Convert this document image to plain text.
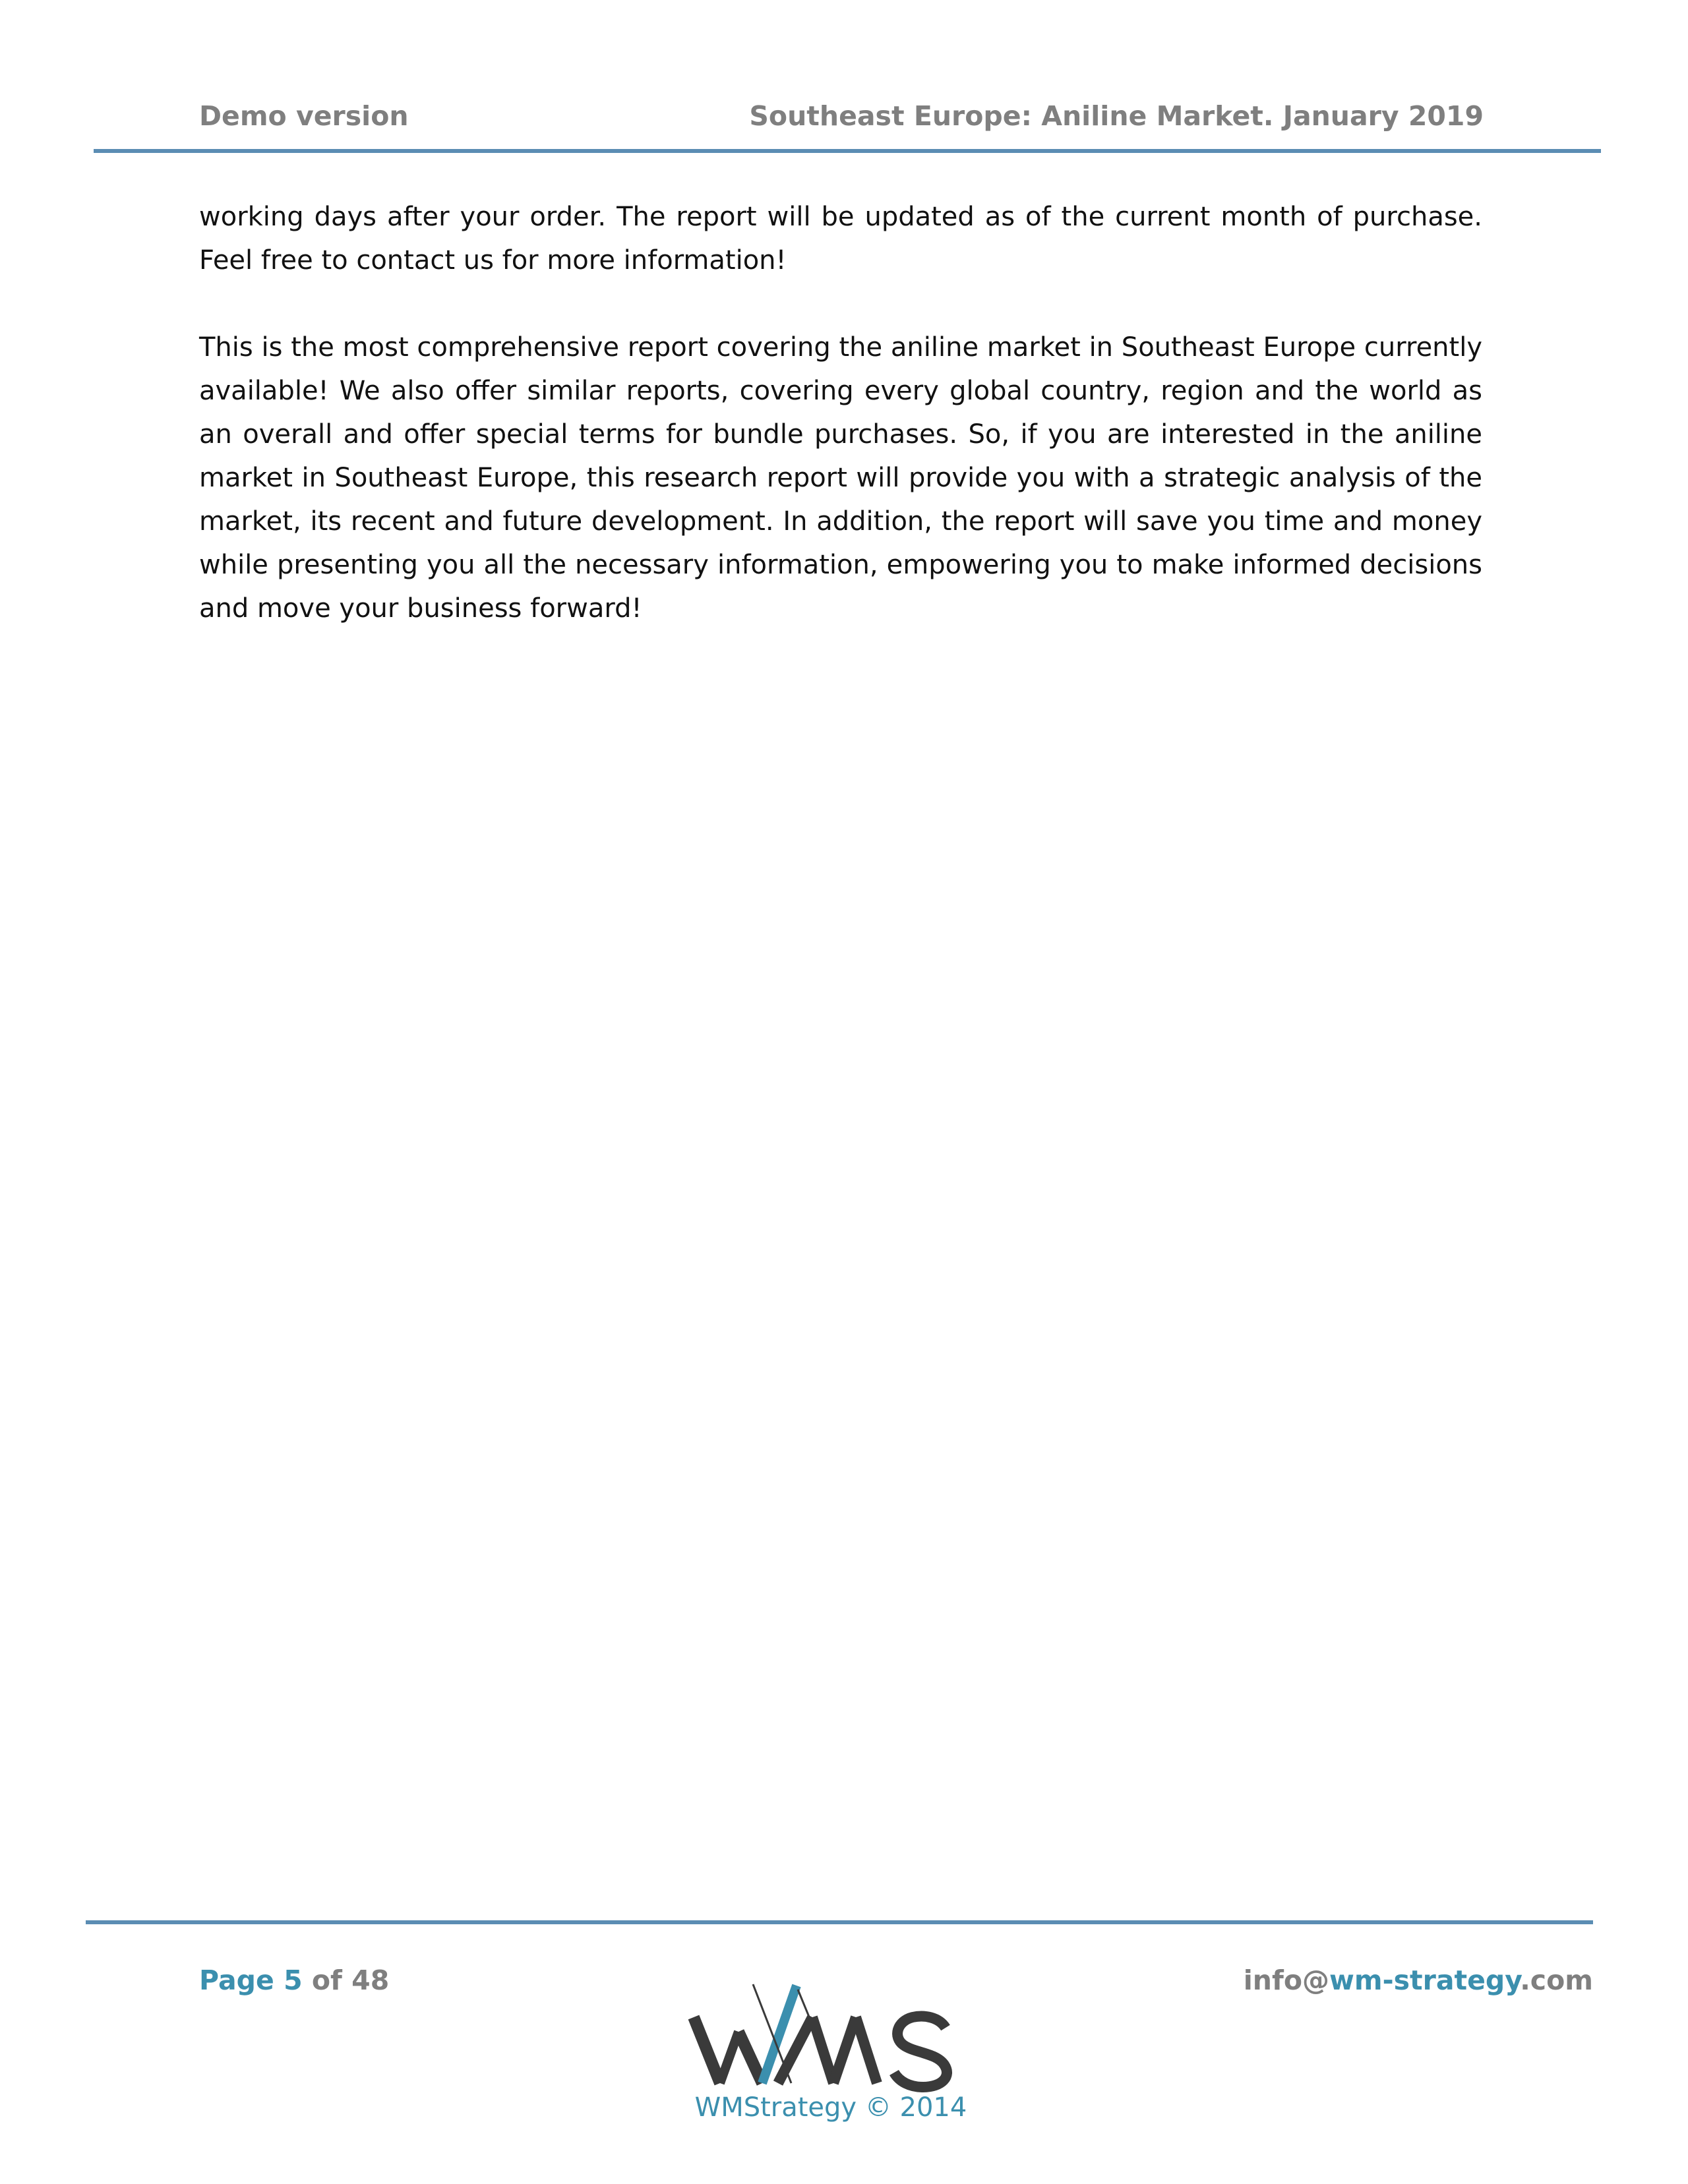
Demo version	Southeast Europe: Aniline Market. January 2019

working days after your order. The report will be updated as of the current month of purchase. Feel free to contact us for more information!

This is the most comprehensive report covering the aniline market in Southeast Europe currently available! We also offer similar reports, covering every global country, region and the world as an overall and offer special terms for bundle purchases. So, if you are interested in the aniline market in Southeast Europe, this research report will provide you with a strategic analysis of the market, its recent and future development. In addition, the report will save you time and money while presenting you all the necessary information, empowering you to make informed decisions and move your business forward!

Page 5 of 48	info@wm-strategy.com
WMStrategy © 2014
